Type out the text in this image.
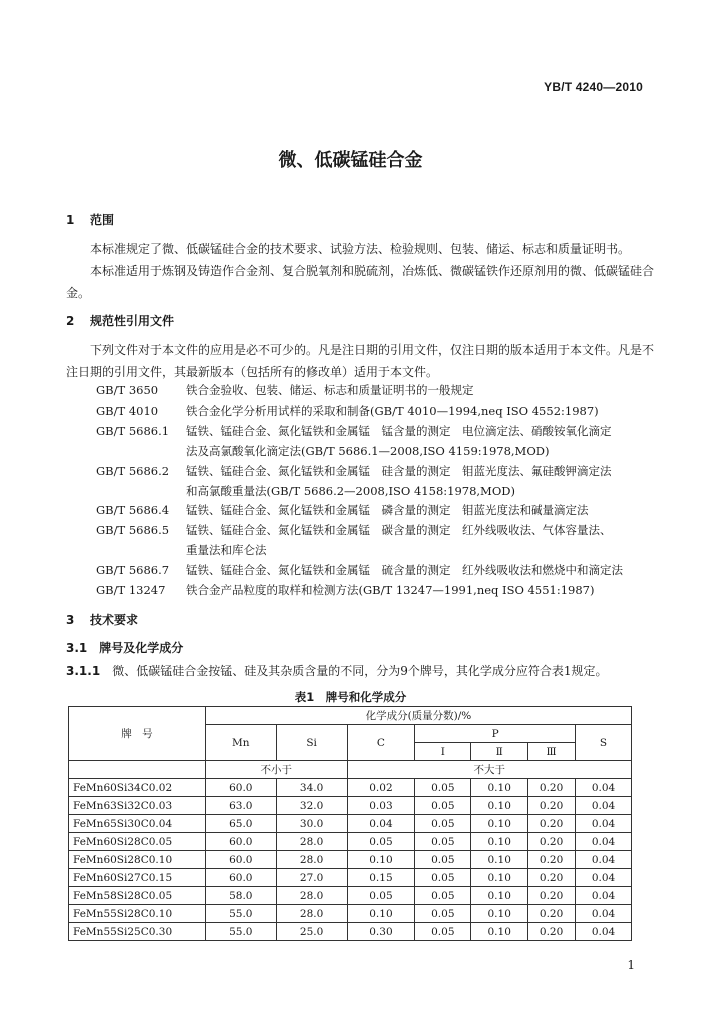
YB/T 4240—2010
微、低碳锰硅合金
1 范围
本标准规定了微、低碳锰硅合金的技术要求、试验方法、检验规则、包装、储运、标志和质量证明书。
本标准适用于炼钢及铸造作合金剂、复合脱氧剂和脱硫剂，冶炼低、微碳锰铁作还原剂用的微、低碳锰硅合金。
2 规范性引用文件
下列文件对于本文件的应用是必不可少的。凡是注日期的引用文件，仅注日期的版本适用于本文件。凡是不注日期的引用文件，其最新版本（包括所有的修改单）适用于本文件。
GB/T 3650 铁合金验收、包装、储运、标志和质量证明书的一般规定
GB/T 4010 铁合金化学分析用试样的采取和制备(GB/T 4010—1994,neq ISO 4552:1987)
GB/T 5686.1 锰铁、锰硅合金、氮化锰铁和金属锰　锰含量的测定　电位滴定法、硝酸铵氧化滴定
法及高氯酸氧化滴定法(GB/T 5686.1—2008,ISO 4159:1978,MOD)
GB/T 5686.2 锰铁、锰硅合金、氮化锰铁和金属锰　硅含量的测定　钼蓝光度法、氟硅酸钾滴定法
和高氯酸重量法(GB/T 5686.2—2008,ISO 4158:1978,MOD)
GB/T 5686.4 锰铁、锰硅合金、氮化锰铁和金属锰　磷含量的测定　钼蓝光度法和碱量滴定法
GB/T 5686.5 锰铁、锰硅合金、氮化锰铁和金属锰　碳含量的测定　红外线吸收法、气体容量法、
重量法和库仑法
GB/T 5686.7 锰铁、锰硅合金、氮化锰铁和金属锰　硫含量的测定　红外线吸收法和燃烧中和滴定法
GB/T 13247 铁合金产品粒度的取样和检测方法(GB/T 13247—1991,neq ISO 4551:1987)
3 技术要求
3.1　 牌号及化学成分
3.1.1　 微、低碳锰硅合金按锰、硅及其杂质含量的不同，分为9个牌号，其化学成分应符合表1规定。
表1　牌号和化学成分
牌　号	化学成分(质量分数)/%						
	Mn	Si	C	P			S
				Ⅰ	Ⅱ	Ⅲ	
	不小于		不大于				
FeMn60Si34C0.02	60.0	34.0	0.02	0.05	0.10	0.20	0.04
FeMn63Si32C0.03	63.0	32.0	0.03	0.05	0.10	0.20	0.04
FeMn65Si30C0.04	65.0	30.0	0.04	0.05	0.10	0.20	0.04
FeMn60Si28C0.05	60.0	28.0	0.05	0.05	0.10	0.20	0.04
FeMn60Si28C0.10	60.0	28.0	0.10	0.05	0.10	0.20	0.04
FeMn60Si27C0.15	60.0	27.0	0.15	0.05	0.10	0.20	0.04
FeMn58Si28C0.05	58.0	28.0	0.05	0.05	0.10	0.20	0.04
FeMn55Si28C0.10	55.0	28.0	0.10	0.05	0.10	0.20	0.04
FeMn55Si25C0.30	55.0	25.0	0.30	0.05	0.10	0.20	0.04
1
